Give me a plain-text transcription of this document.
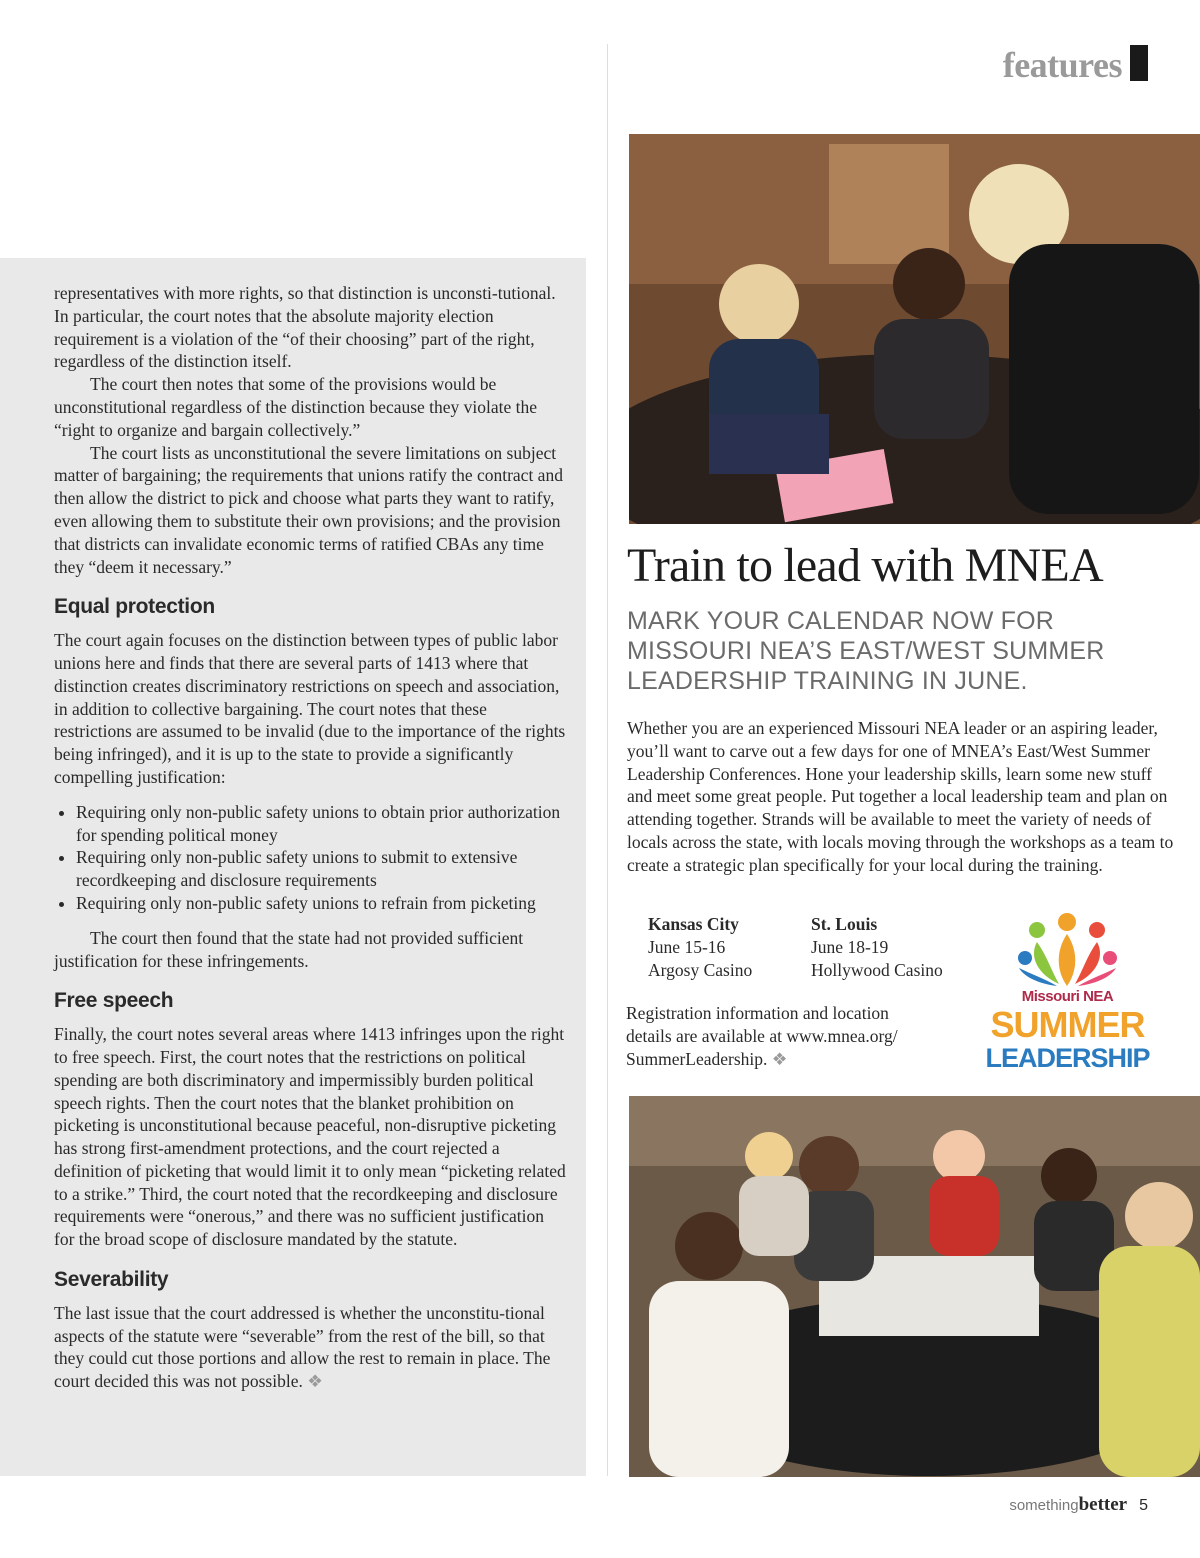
features

representatives with more rights, so that distinction is unconsti-tutional. In particular, the court notes that the absolute majority election requirement is a violation of the “of their choosing” part of the right, regardless of the distinction itself.

The court then notes that some of the provisions would be unconstitutional regardless of the distinction because they violate the “right to organize and bargain collectively.”

The court lists as unconstitutional the severe limitations on subject matter of bargaining; the requirements that unions ratify the contract and then allow the district to pick and choose what parts they want to ratify, even allowing them to substitute their own provisions; and the provision that districts can invalidate economic terms of ratified CBAs any time they “deem it necessary.”

Equal protection

The court again focuses on the distinction between types of public labor unions here and finds that there are several parts of 1413 where that distinction creates discriminatory restrictions on speech and association, in addition to collective bargaining. The court notes that these restrictions are assumed to be invalid (due to the importance of the rights being infringed), and it is up to the state to provide a significantly compelling justification:

• Requiring only non-public safety unions to obtain prior authorization for spending political money
• Requiring only non-public safety unions to submit to extensive recordkeeping and disclosure requirements
• Requiring only non-public safety unions to refrain from picketing

The court then found that the state had not provided sufficient justification for these infringements.

Free speech

Finally, the court notes several areas where 1413 infringes upon the right to free speech. First, the court notes that the restrictions on political spending are both discriminatory and impermissibly burden political speech rights. Then the court notes that the blanket prohibition on picketing is unconstitutional because peaceful, non-disruptive picketing has strong first-amendment protections, and the court rejected a definition of picketing that would limit it to only mean “picketing related to a strike.” Third, the court noted that the recordkeeping and disclosure requirements were “onerous,” and there was no sufficient justification for the broad scope of disclosure mandated by the statute.

Severability

The last issue that the court addressed is whether the unconstitu-tional aspects of the statute were “severable” from the rest of the bill, so that they could cut those portions and allow the rest to remain in place. The court decided this was not possible. ❖

Train to lead with MNEA

MARK YOUR CALENDAR NOW FOR MISSOURI NEA’S EAST/WEST SUMMER LEADERSHIP TRAINING IN JUNE.

Whether you are an experienced Missouri NEA leader or an aspiring leader, you’ll want to carve out a few days for one of MNEA’s East/West Summer Leadership Conferences. Hone your leadership skills, learn some new stuff and meet some great people. Put together a local leadership team and plan on attending together. Strands will be available to meet the variety of needs of locals across the state, with locals moving through the workshops as a team to create a strategic plan specifically for your local during the training.

Kansas City
June 15-16
Argosy Casino
St. Louis
June 18-19
Hollywood Casino

Registration information and location details are available at www.mnea.org/ SummerLeadership. ❖

Missouri NEA
SUMMER
LEADERSHIP
somethingbetter 5
